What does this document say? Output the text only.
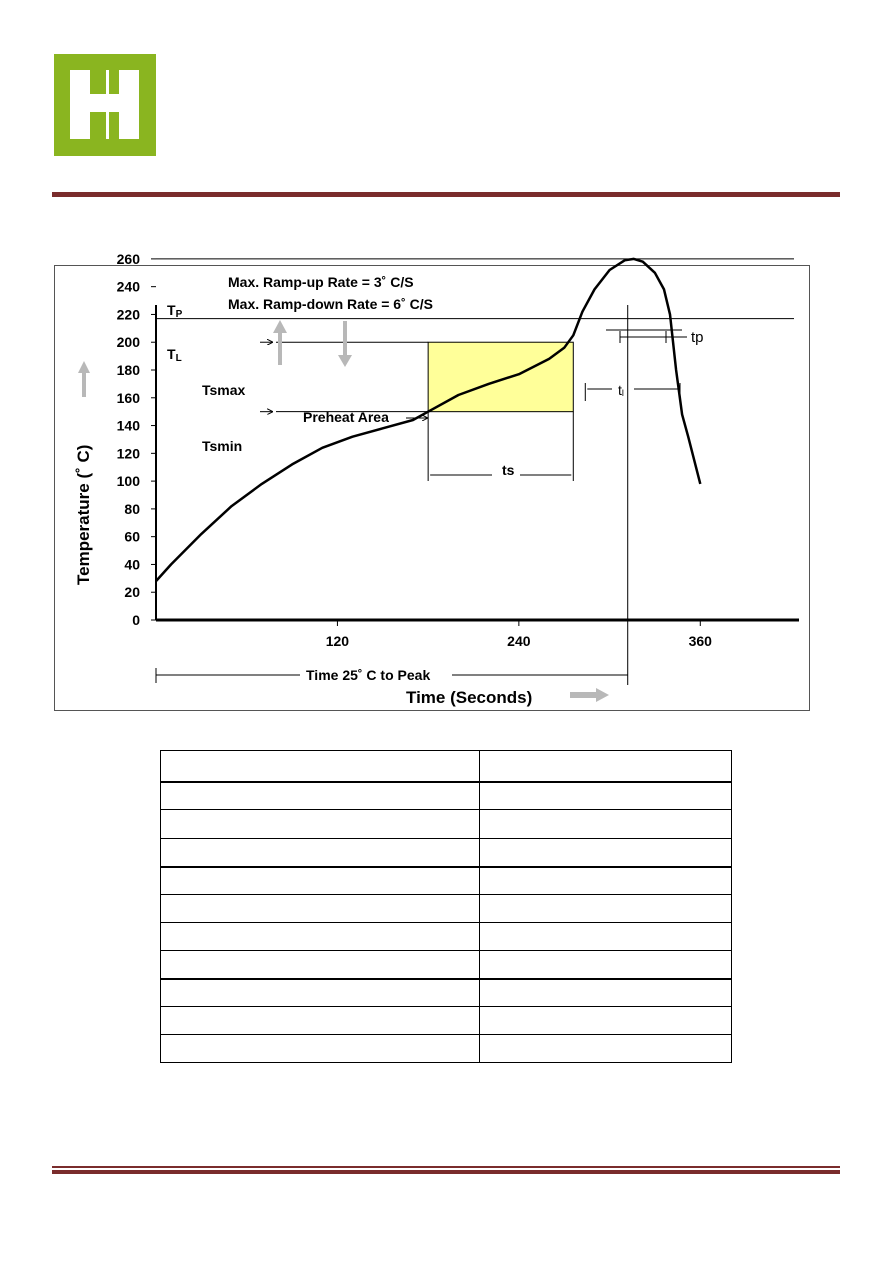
0
20
40
60
80
100
120
140
160
180
200
220
240
260
120	240	360
Max. Ramp-up Rate = 3˚ C/S
Max. Ramp-down Rate = 6˚ C/S
TP
TL
Tsmax
Preheat Area
Tsmin
ts
tl
tp
Time 25˚ C to Peak
Time (Seconds)
Temperature (˚ C)
